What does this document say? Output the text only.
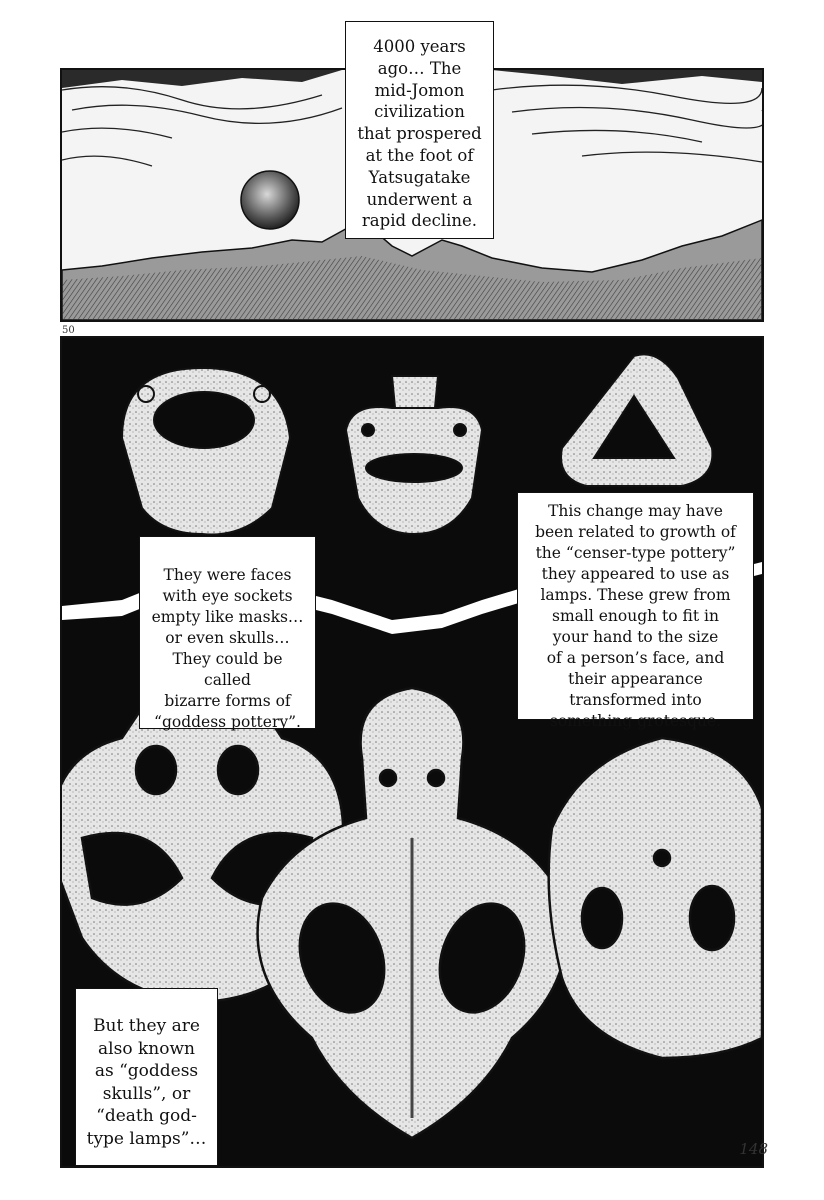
50
4000 years
ago… The
mid-Jomon
civilization
that prospered
at the foot of
Yatsugatake
underwent a
rapid decline.
They were faces
with eye sockets
empty like masks…
or even skulls…
They could be called
bizarre forms of
“goddess pottery”.
This change may have
been related to growth of
the “censer-type pottery”
they appeared to use as
lamps. These grew from
small enough to fit in
your hand to the size
of a person’s face, and
their appearance
transformed into
something grotesque.
But they are
also known
as “goddess
skulls”, or
“death god-
type lamps”…
148
